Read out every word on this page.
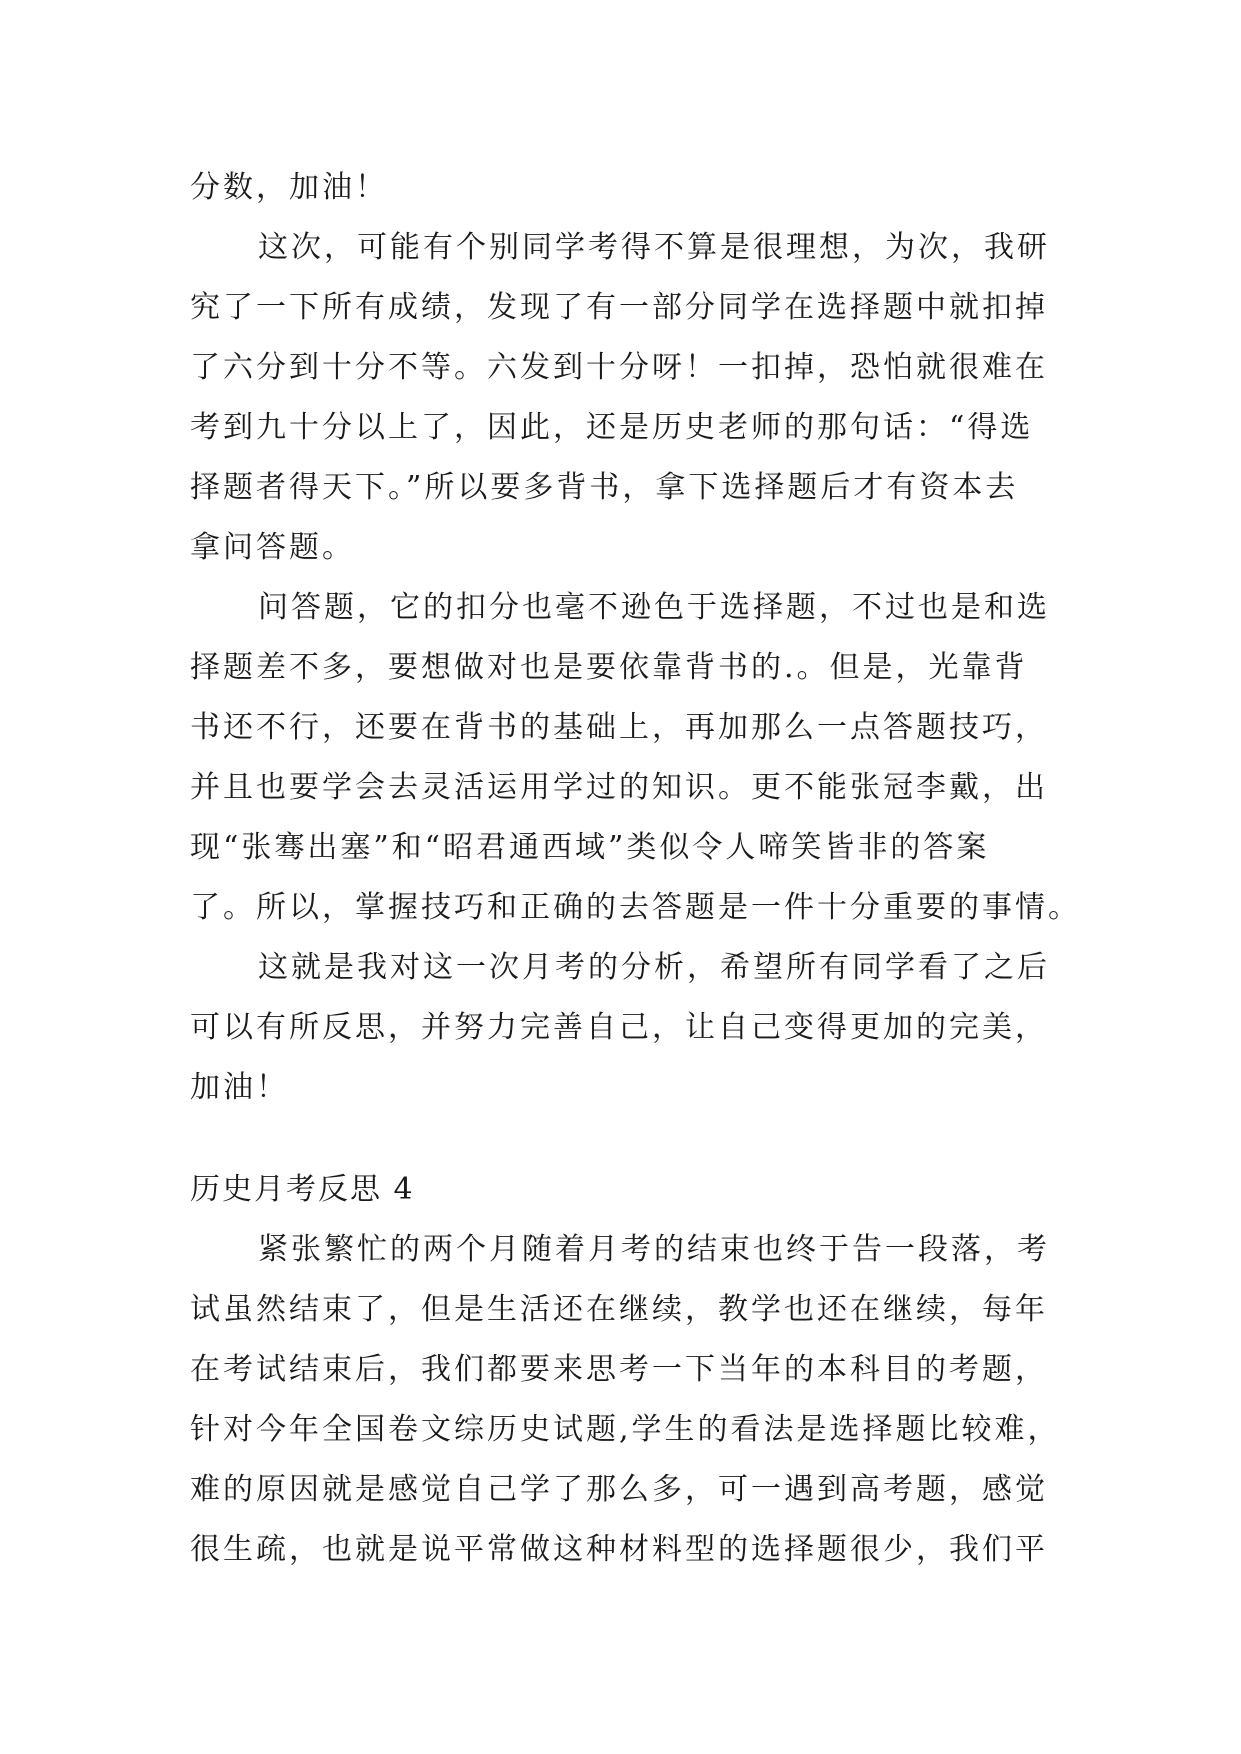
分数，加油！
这次，可能有个别同学考得不算是很理想，为次，我研
究了一下所有成绩，发现了有一部分同学在选择题中就扣掉
了六分到十分不等。六发到十分呀！一扣掉，恐怕就很难在
考到九十分以上了，因此，还是历史老师的那句话：“得选
择题者得天下。”所以要多背书，拿下选择题后才有资本去
拿问答题。
问答题，它的扣分也毫不逊色于选择题，不过也是和选
择题差不多，要想做对也是要依靠背书的.。但是，光靠背
书还不行，还要在背书的基础上，再加那么一点答题技巧，
并且也要学会去灵活运用学过的知识。更不能张冠李戴，出
现“张骞出塞”和“昭君通西域”类似令人啼笑皆非的答案
了。所以，掌握技巧和正确的去答题是一件十分重要的事情。
这就是我对这一次月考的分析，希望所有同学看了之后
可以有所反思，并努力完善自己，让自己变得更加的完美，
加油！
历史月考反思 4
紧张繁忙的两个月随着月考的结束也终于告一段落，考
试虽然结束了，但是生活还在继续，教学也还在继续，每年
在考试结束后，我们都要来思考一下当年的本科目的考题，
针对今年全国卷文综历史试题,学生的看法是选择题比较难，
难的原因就是感觉自己学了那么多，可一遇到高考题，感觉
很生疏，也就是说平常做这种材料型的选择题很少，我们平
